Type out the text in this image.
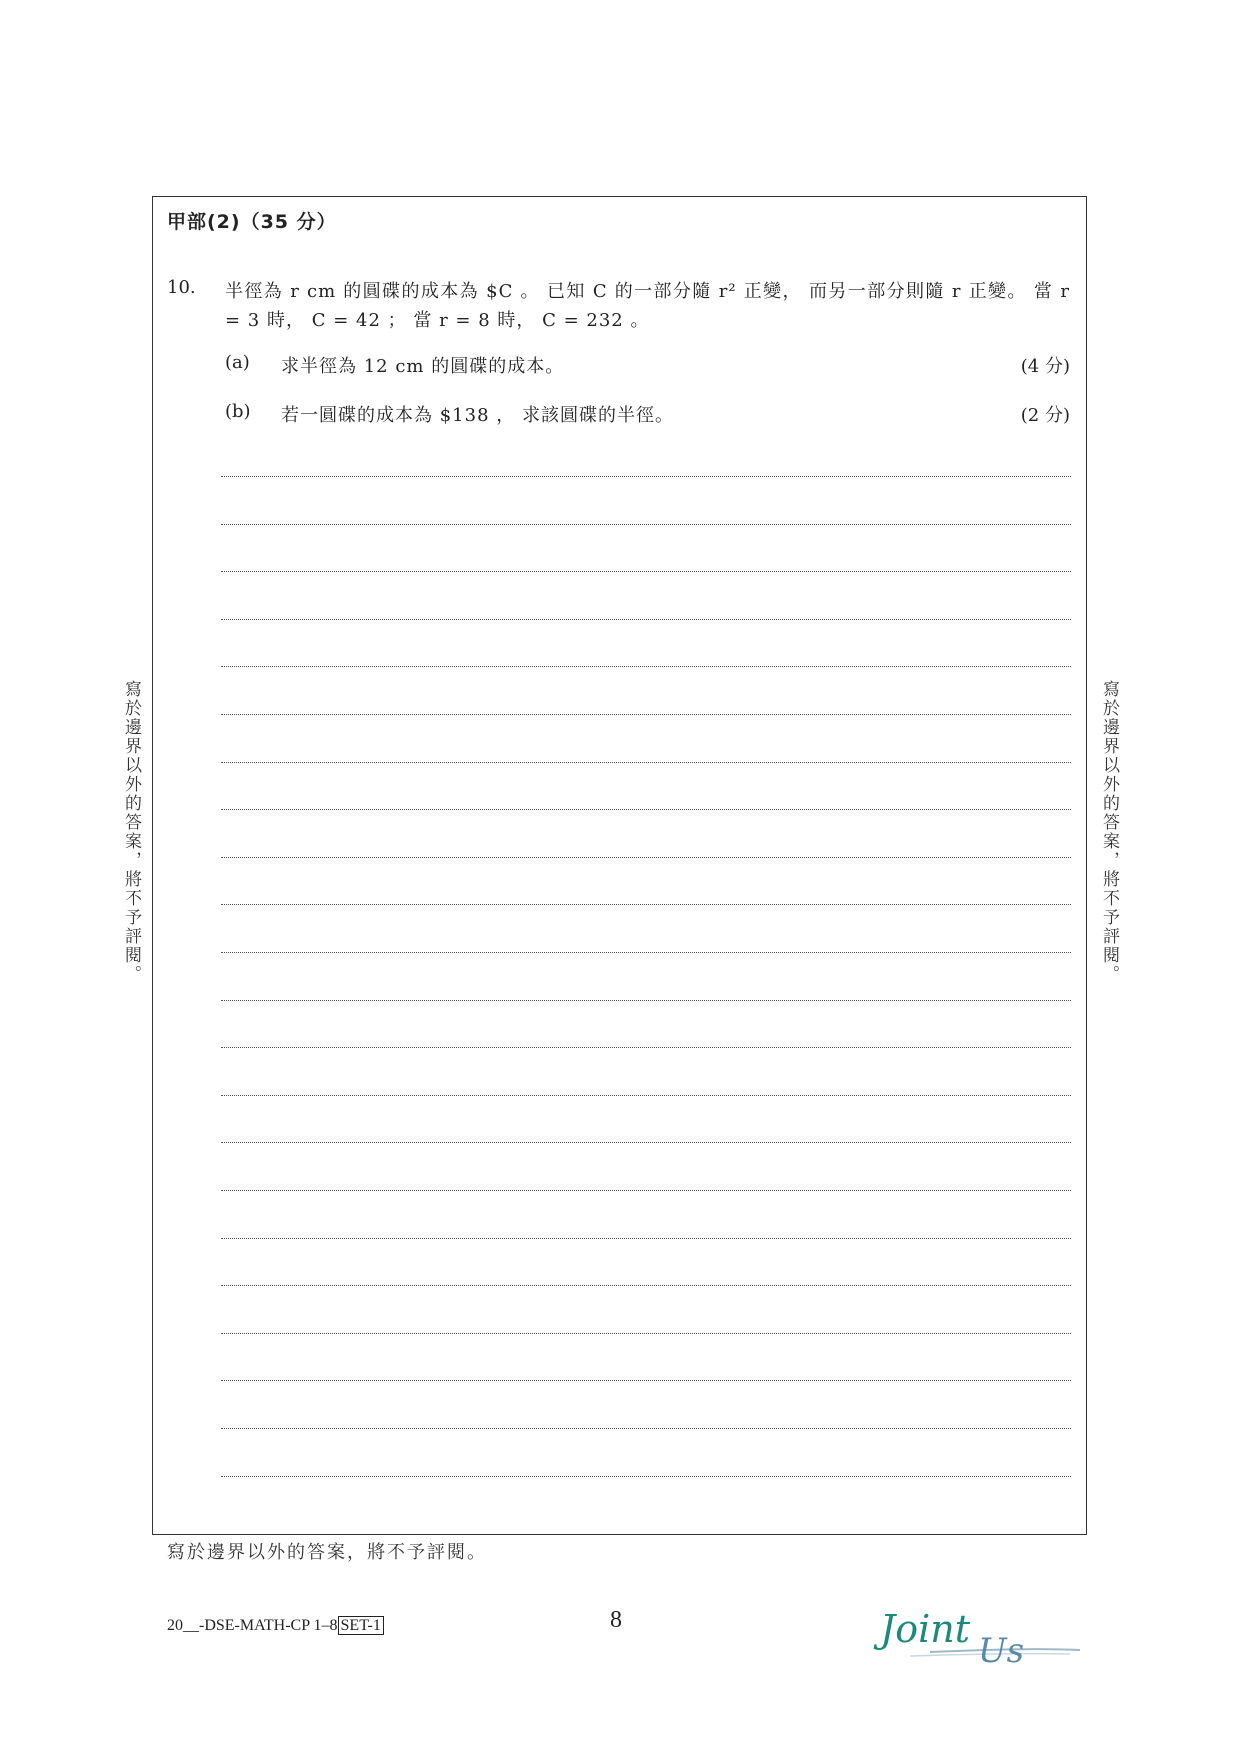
甲部(2)（35 分）
10. 半徑為 r cm 的圓碟的成本為 $C 。 已知 C 的一部分隨 r² 正變， 而另一部分則隨 r 正變。 當 r = 3 時， C = 42 ； 當 r = 8 時， C = 232 。
(a) 求半徑為 12 cm 的圓碟的成本。	(4 分)
(b) 若一圓碟的成本為 $138 ， 求該圓碟的半徑。	(2 分)
寫於邊界以外的答案，將不予評閱。	寫於邊界以外的答案，將不予評閱。
寫於邊界以外的答案，將不予評閱。
20__-DSE-MATH-CP 1–8 SET-1	8	Joint Us
